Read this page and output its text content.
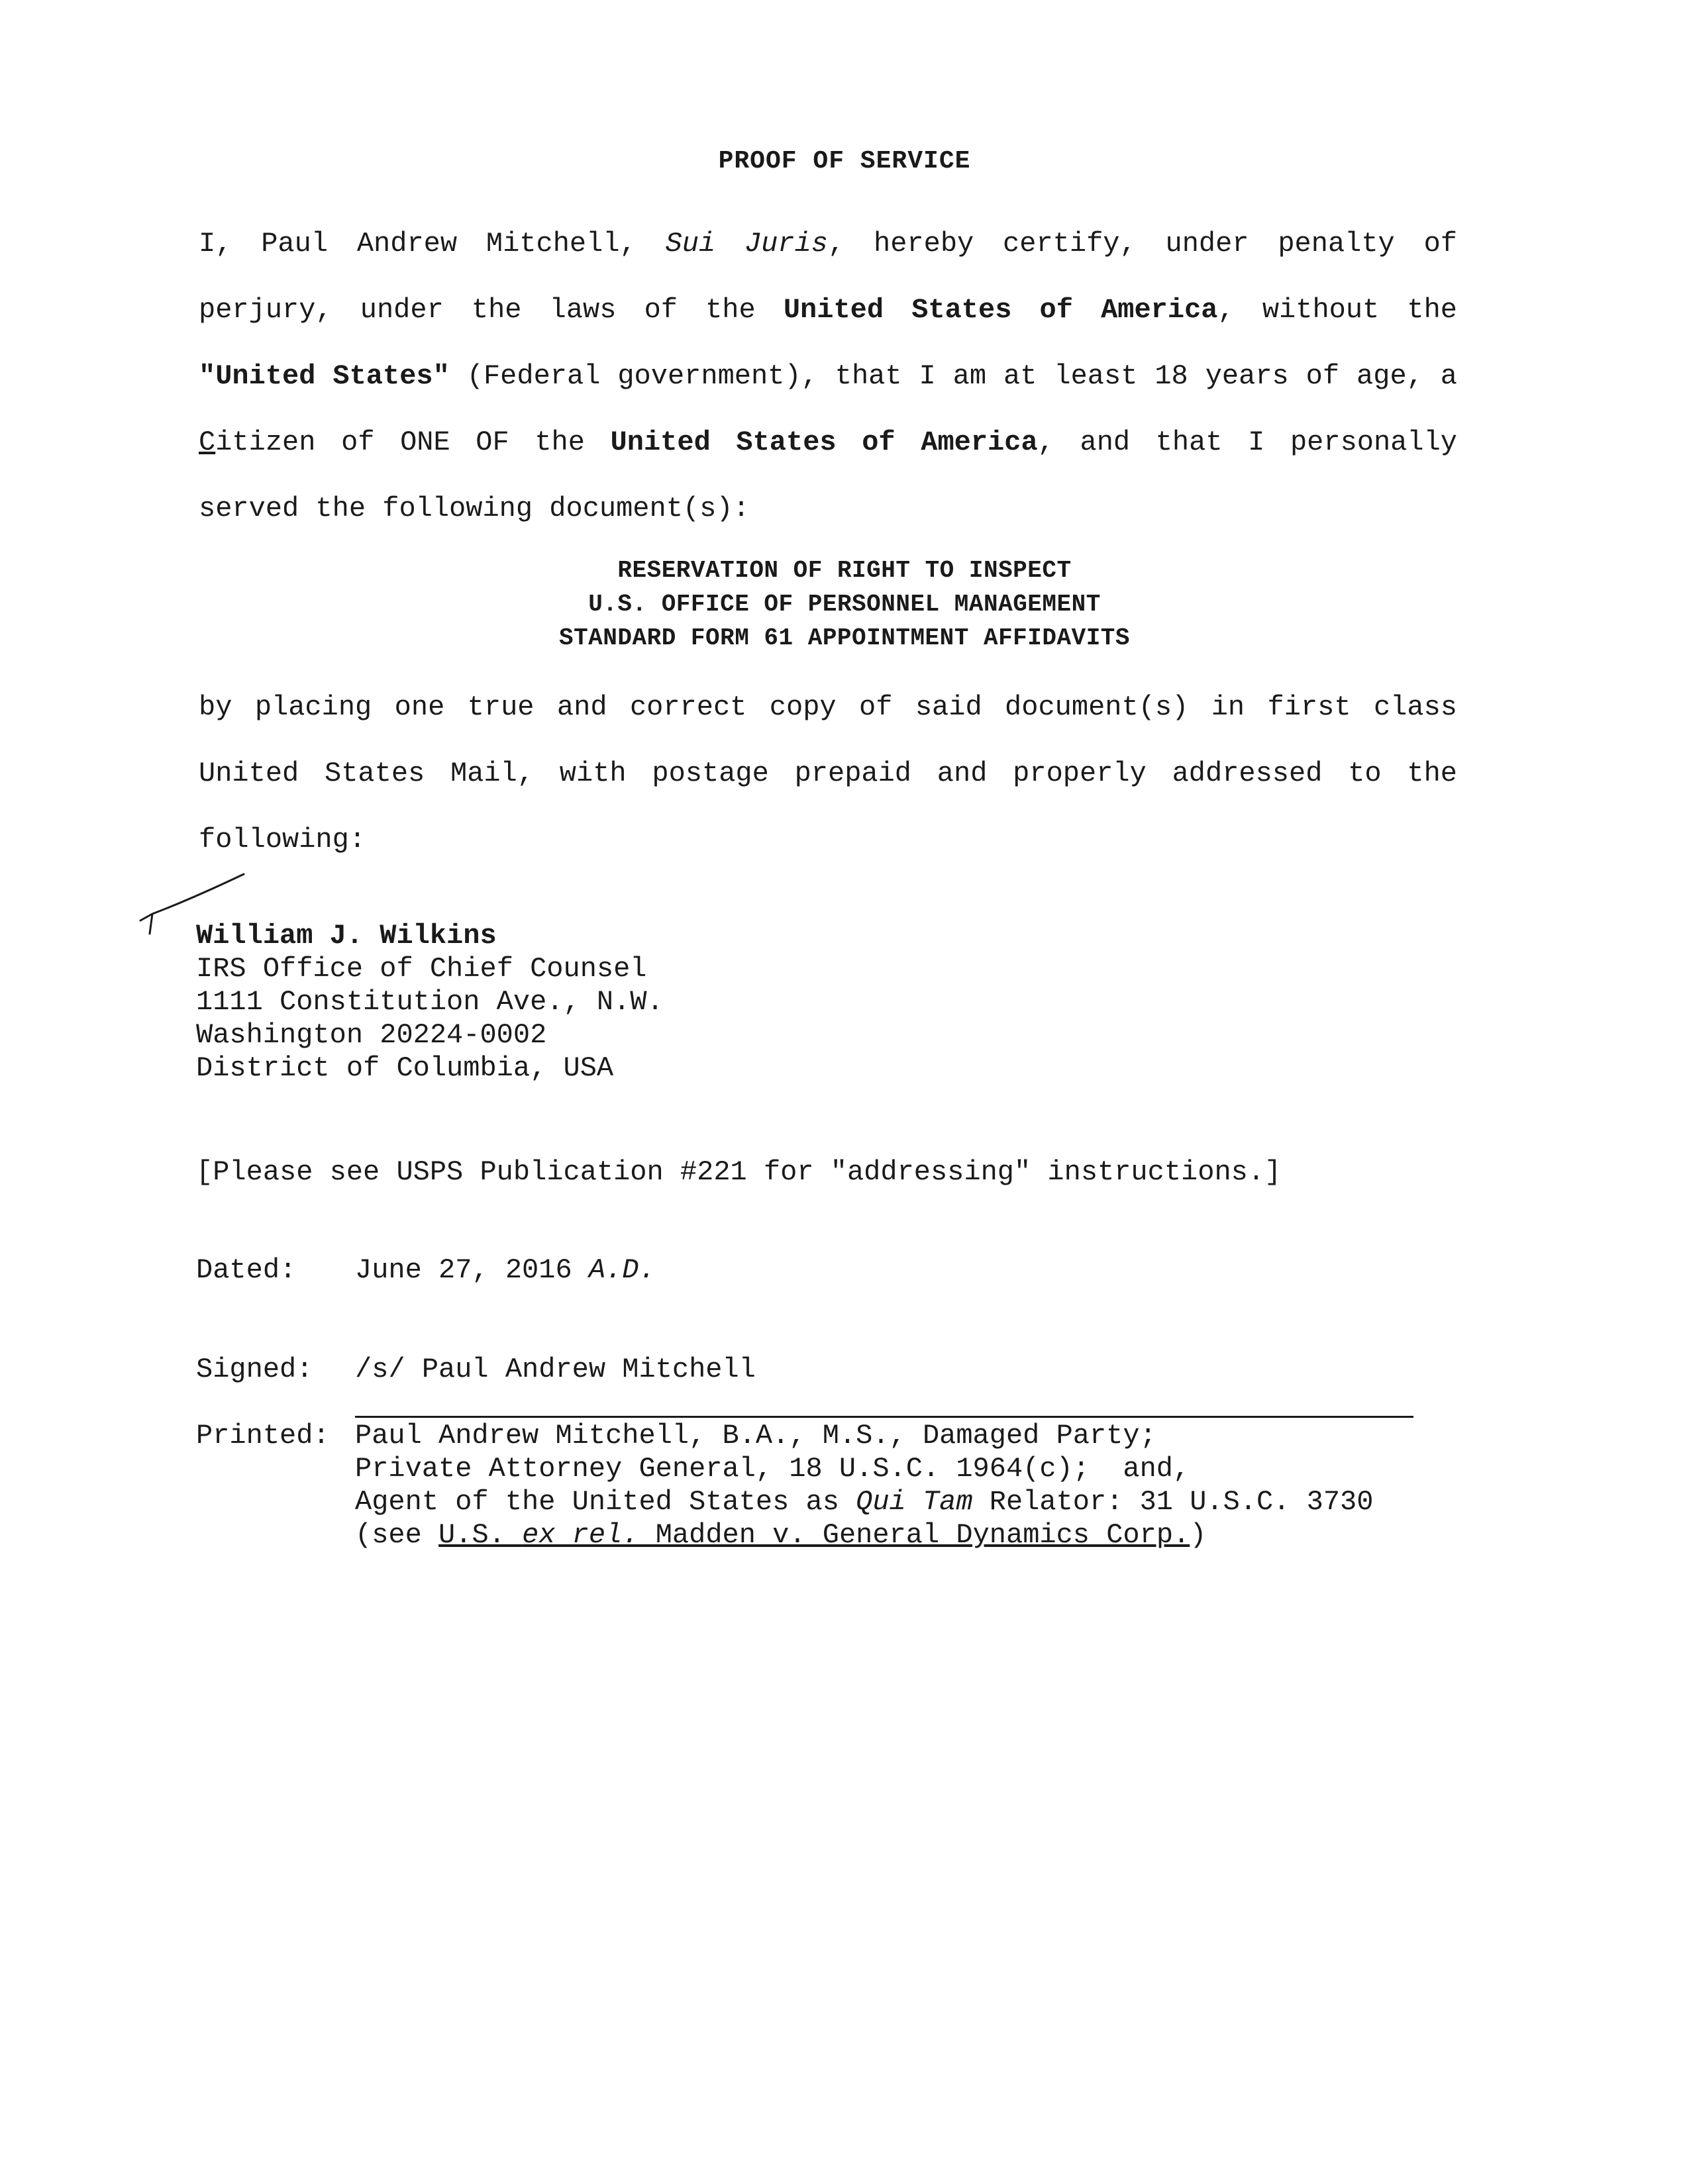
PROOF OF SERVICE

I, Paul Andrew Mitchell, Sui Juris, hereby certify, under penalty of perjury, under the laws of the United States of America, without the "United States" (Federal government), that I am at least 18 years of age, a Citizen of ONE OF the United States of America, and that I personally served the following document(s):

RESERVATION OF RIGHT TO INSPECT
U.S. OFFICE OF PERSONNEL MANAGEMENT
STANDARD FORM 61 APPOINTMENT AFFIDAVITS

by placing one true and correct copy of said document(s) in first class United States Mail, with postage prepaid and properly addressed to the following:

William J. Wilkins
IRS Office of Chief Counsel
1111 Constitution Ave., N.W.
Washington 20224-0002
District of Columbia, USA
[Please see USPS Publication #221 for "addressing" instructions.]
Dated: June 27, 2016 A.D.
Signed: /s/ Paul Andrew Mitchell
Printed: Paul Andrew Mitchell, B.A., M.S., Damaged Party;
Private Attorney General, 18 U.S.C. 1964(c);  and,
Agent of the United States as Qui Tam Relator: 31 U.S.C. 3730
(see U.S. ex rel. Madden v. General Dynamics Corp.)
